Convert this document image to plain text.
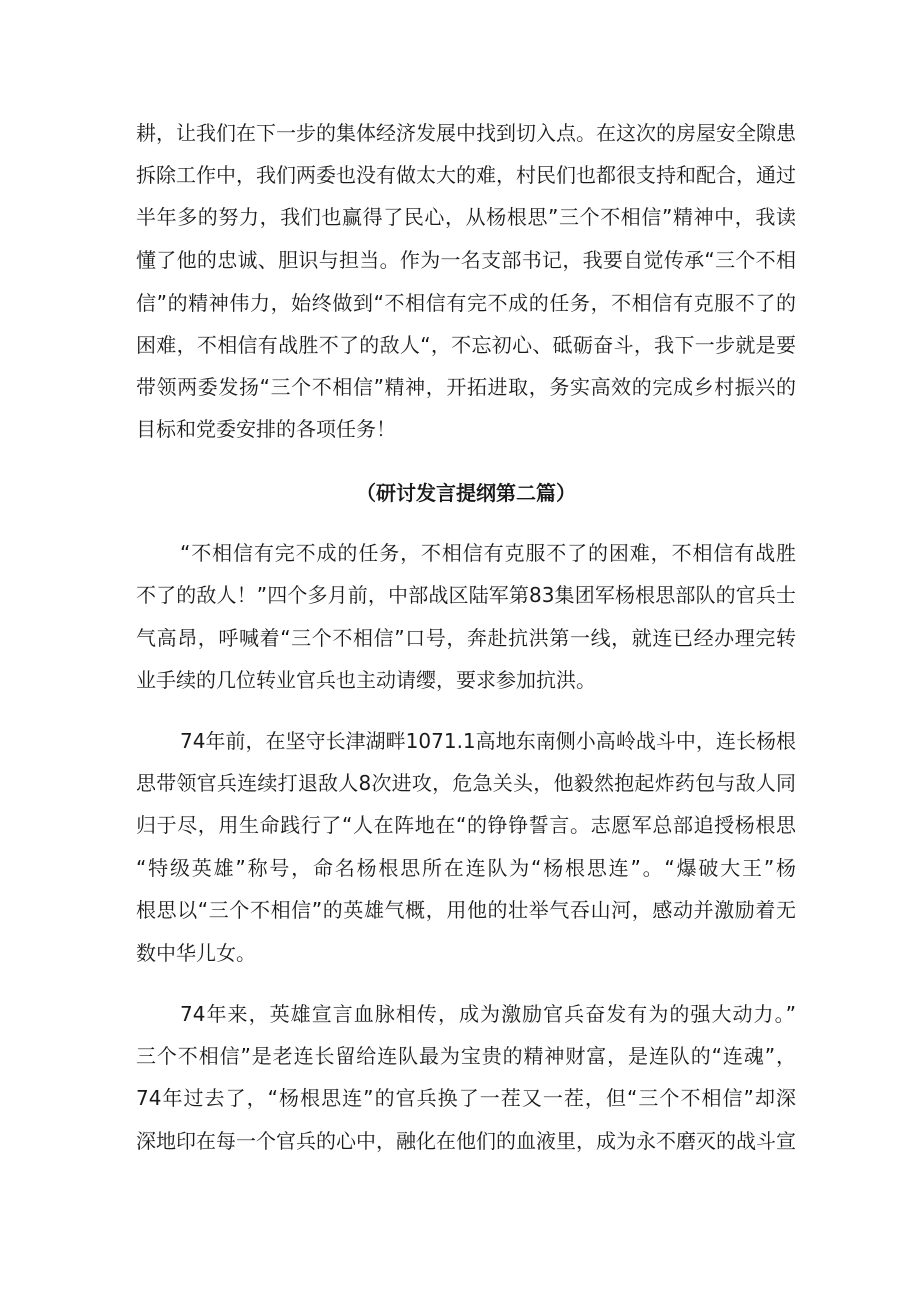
耕，让我们在下一步的集体经济发展中找到切入点。在这次的房屋安全隙患
拆除工作中，我们两委也没有做太大的难，村民们也都很支持和配合，通过
半年多的努力，我们也赢得了民心，从杨根思”三个不相信”精神中，我读
懂了他的忠诚、胆识与担当。作为一名支部书记，我要自觉传承“三个不相
信”的精神伟力，始终做到“不相信有完不成的任务，不相信有克服不了的
困难，不相信有战胜不了的敌人“，不忘初心、砥砺奋斗，我下一步就是要
带领两委发扬“三个不相信”精神，开拓进取，务实高效的完成乡村振兴的
目标和党委安排的各项任务！
（研讨发言提纲第二篇）
“不相信有完不成的任务，不相信有克服不了的困难，不相信有战胜
不了的敌人！”四个多月前，中部战区陆军第83集团军杨根思部队的官兵士
气高昂，呼喊着“三个不相信”口号，奔赴抗洪第一线，就连已经办理完转
业手续的几位转业官兵也主动请缨，要求参加抗洪。
74年前，在坚守长津湖畔1071.1高地东南侧小高岭战斗中，连长杨根
思带领官兵连续打退敌人8次进攻，危急关头，他毅然抱起炸药包与敌人同
归于尽，用生命践行了“人在阵地在“的铮铮誓言。志愿军总部追授杨根思
“特级英雄”称号，命名杨根思所在连队为“杨根思连”。“爆破大王”杨
根思以“三个不相信”的英雄气概，用他的壮举气吞山河，感动并激励着无
数中华儿女。
74年来，英雄宣言血脉相传，成为激励官兵奋发有为的强大动力。”
三个不相信”是老连长留给连队最为宝贵的精神财富，是连队的“连魂”，
74年过去了，“杨根思连”的官兵换了一茬又一茬，但“三个不相信”却深
深地印在每一个官兵的心中，融化在他们的血液里，成为永不磨灭的战斗宣
